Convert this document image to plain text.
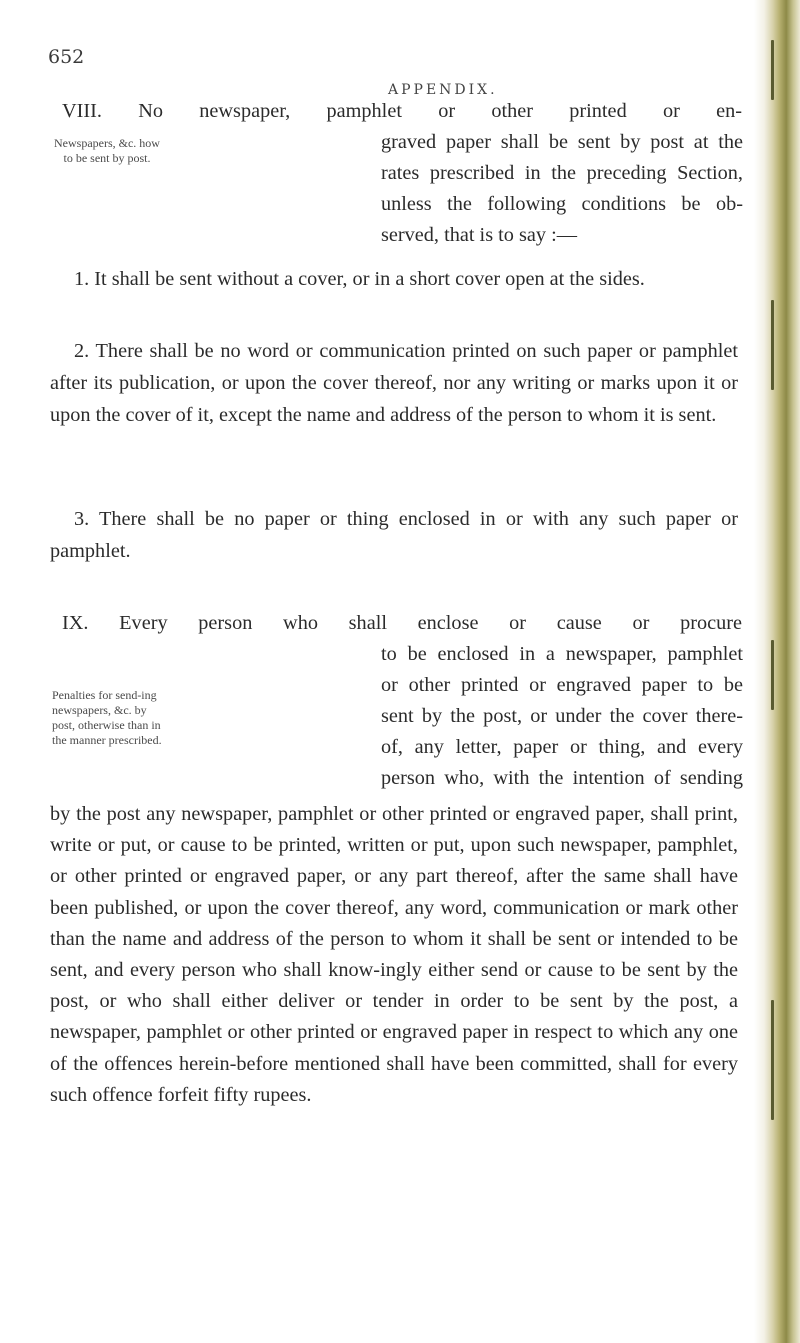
652
APPENDIX.
VIII. No newspaper, pamphlet or other printed or en-
graved paper shall be sent by post at the
rates prescribed in the preceding Section,
unless the following conditions be ob-
served, that is to say :—
Newspapers, &c. how to be sent by post.
1. It shall be sent without a cover, or in a short cover open at the sides.
2. There shall be no word or communication printed on such paper or pamphlet after its publication, or upon the cover thereof, nor any writing or marks upon it or upon the cover of it, except the name and address of the person to whom it is sent.
3. There shall be no paper or thing enclosed in or with any such paper or pamphlet.
IX. Every person who shall enclose or cause or procure
to be enclosed in a newspaper, pamphlet
or other printed or engraved paper to be
sent by the post, or under the cover there-
of, any letter, paper or thing, and every
person who, with the intention of sending
Penalties for send-ing newspapers, &c. by post, otherwise than in the manner prescribed.
by the post any newspaper, pamphlet or other printed or engraved paper, shall print, write or put, or cause to be printed, written or put, upon such newspaper, pamphlet, or other printed or engraved paper, or any part thereof, after the same shall have been published, or upon the cover thereof, any word, communication or mark other than the name and address of the person to whom it shall be sent or intended to be sent, and every person who shall know-ingly either send or cause to be sent by the post, or who shall either deliver or tender in order to be sent by the post, a newspaper, pamphlet or other printed or engraved paper in respect to which any one of the offences herein-before mentioned shall have been committed, shall for every such offence forfeit fifty rupees.
